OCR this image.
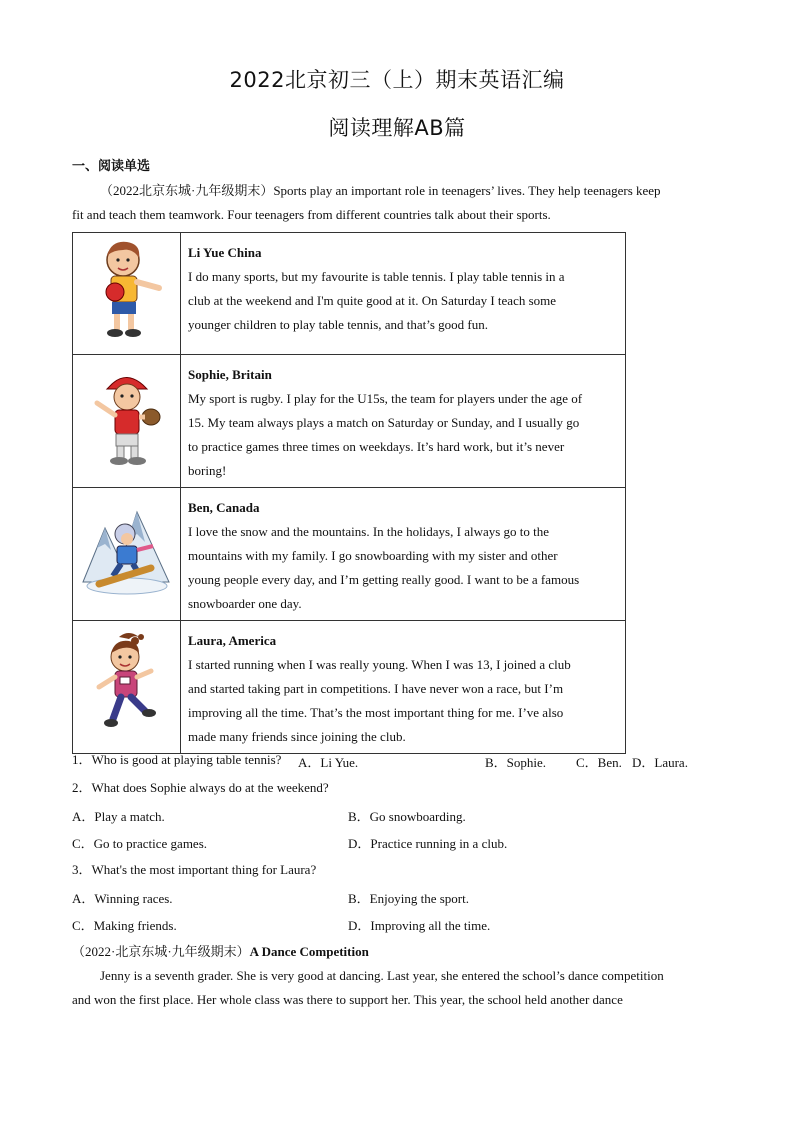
2022北京初三（上）期末英语汇编
阅读理解AB篇
一、阅读单选
（2022北京东城·九年级期末）Sports play an important role in teenagers’ lives. They help teenagers keep
fit and teach them teamwork. Four teenagers from different countries talk about their sports.

Li Yue China
I do many sports, but my favourite is table tennis. I play table tennis in a
club at the weekend and I'm quite good at it. On Saturday I teach some
younger children to play table tennis, and that’s good fun.

Sophie, Britain
My sport is rugby. I play for the U15s, the team for players under the age of
15. My team always plays a match on Saturday or Sunday, and I usually go
to practice games three times on weekdays. It’s hard work, but it’s never
boring!

Ben, Canada
I love the snow and the mountains. In the holidays, I always go to the
mountains with my family. I go snowboarding with my sister and other
young people every day, and I’m getting really good. I want to be a famous
snowboarder one day.

Laura, America
I started running when I was really young. When I was 13, I joined a club
and started taking part in competitions. I have never won a race, but I’m
improving all the time. That’s the most important thing for me. I’ve also
made many friends since joining the club.
1．Who is good at playing table tennis? A．Li Yue.	B．Sophie. C．Ben. D．Laura.
2．What does Sophie always do at the weekend?
A．Play a match.	B．Go snowboarding.
C．Go to practice games.	D．Practice running in a club.
3．What's the most important thing for Laura?
A．Winning races.	B．Enjoying the sport.
C．Making friends.	D．Improving all the time.
（2022·北京东城·九年级期末）A Dance Competition
Jenny is a seventh grader. She is very good at dancing. Last year, she entered the school’s dance competition
and won the first place. Her whole class was there to support her. This year, the school held another dance
